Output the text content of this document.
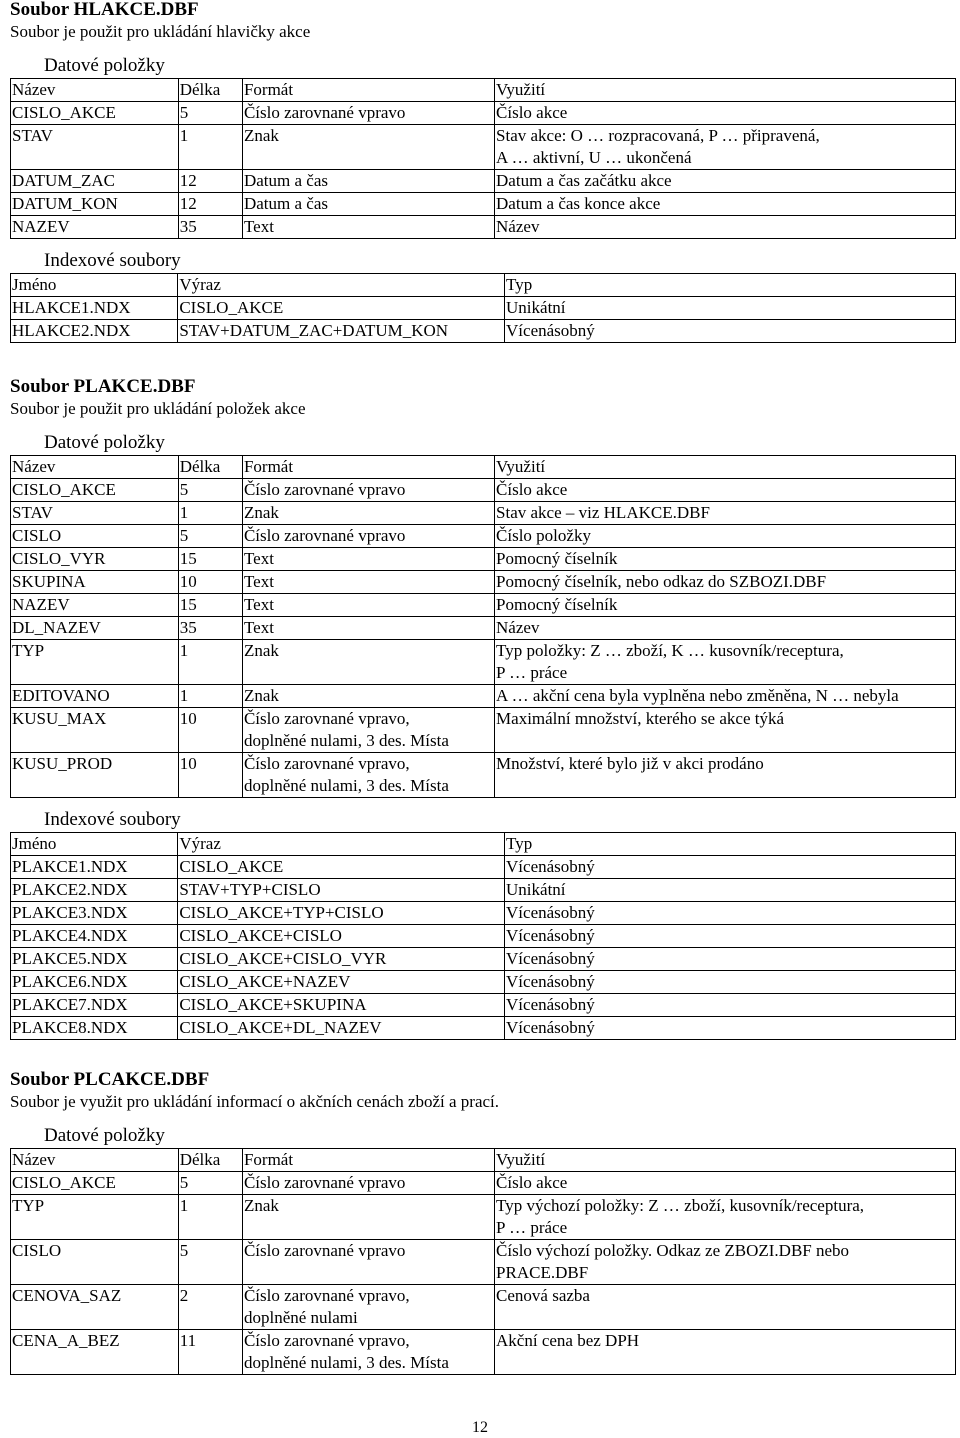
Soubor HLAKCE.DBF
Soubor je použit pro ukládání hlavičky akce
Datové položky
Název	Délka	Formát	Využití
CISLO_AKCE	5	Číslo zarovnané vpravo	Číslo akce

STAV	1	Znak	Stav akce: O … rozpracovaná, P … připravená,
A … aktivní, U … ukončená

DATUM_ZAC	12	Datum a čas	Datum a čas začátku akce

DATUM_KON	12	Datum a čas	Datum a čas konce akce

NAZEV	35	Text	Název
Indexové soubory
Jméno	Výraz	Typ
HLAKCE1.NDX	CISLO_AKCE	Unikátní
HLAKCE2.NDX	STAV+DATUM_ZAC+DATUM_KON	Vícenásobný
Soubor PLAKCE.DBF
Soubor je použit pro ukládání položek akce
Datové položky
Název	Délka	Formát	Využití
CISLO_AKCE	5	Číslo zarovnané vpravo	Číslo akce

STAV	1	Znak	Stav akce – viz HLAKCE.DBF

CISLO	5	Číslo zarovnané vpravo	Číslo položky

CISLO_VYR	15	Text	Pomocný číselník

SKUPINA	10	Text	Pomocný číselník, nebo odkaz do SZBOZI.DBF

NAZEV	15	Text	Pomocný číselník

DL_NAZEV	35	Text	Název

TYP	1	Znak	Typ položky: Z … zboží, K … kusovník/receptura,
P … práce

EDITOVANO	1	Znak	A … akční cena byla vyplněna nebo změněna, N … nebyla

KUSU_MAX	10	Číslo zarovnané vpravo,
doplněné nulami, 3 des. Místa	Maximální množství, kterého se akce týká

KUSU_PROD	10	Číslo zarovnané vpravo,
doplněné nulami, 3 des. Místa	Množství, které bylo již v akci prodáno
Indexové soubory
Jméno	Výraz	Typ
PLAKCE1.NDX	CISLO_AKCE	Vícenásobný
PLAKCE2.NDX	STAV+TYP+CISLO	Unikátní
PLAKCE3.NDX	CISLO_AKCE+TYP+CISLO	Vícenásobný
PLAKCE4.NDX	CISLO_AKCE+CISLO	Vícenásobný
PLAKCE5.NDX	CISLO_AKCE+CISLO_VYR	Vícenásobný
PLAKCE6.NDX	CISLO_AKCE+NAZEV	Vícenásobný
PLAKCE7.NDX	CISLO_AKCE+SKUPINA	Vícenásobný
PLAKCE8.NDX	CISLO_AKCE+DL_NAZEV	Vícenásobný
Soubor PLCAKCE.DBF
Soubor je využit pro ukládání informací o akčních cenách zboží a prací.
Datové položky
Název	Délka	Formát	Využití
CISLO_AKCE	5	Číslo zarovnané vpravo	Číslo akce

TYP	1	Znak	Typ výchozí položky: Z … zboží, kusovník/receptura,
P … práce

CISLO	5	Číslo zarovnané vpravo	Číslo výchozí položky. Odkaz ze ZBOZI.DBF nebo
PRACE.DBF

CENOVA_SAZ	2	Číslo zarovnané vpravo,
doplněné nulami	Cenová sazba

CENA_A_BEZ	11	Číslo zarovnané vpravo,
doplněné nulami, 3 des. Místa	Akční cena bez DPH
12
